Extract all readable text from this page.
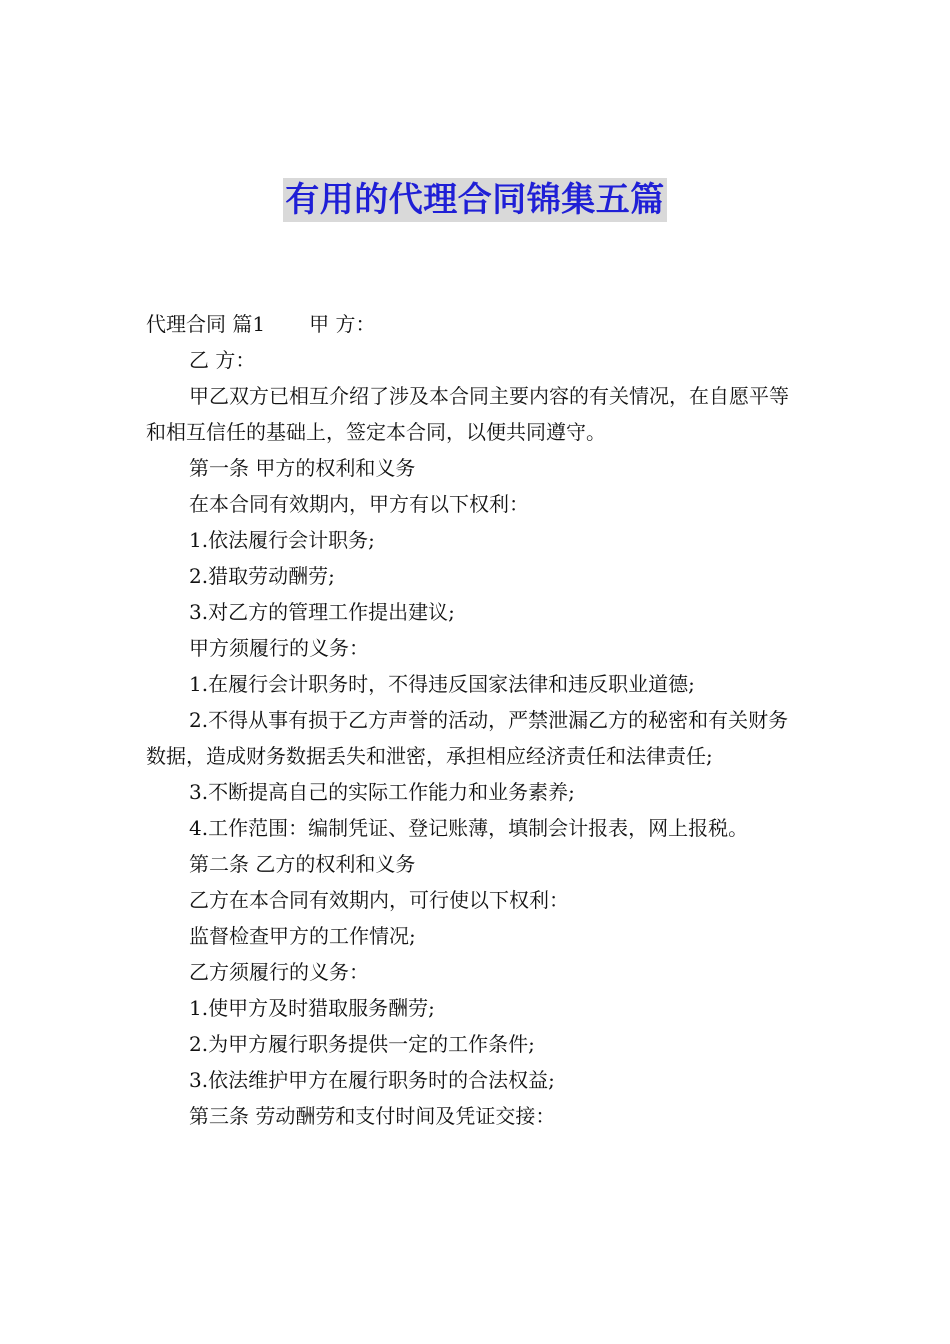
有用的代理合同锦集五篇

代理合同 篇1 甲 方：

乙 方：

甲乙双方已相互介绍了涉及本合同主要内容的有关情况，在自愿平等和相互信任的基础上，签定本合同，以便共同遵守。

第一条 甲方的权利和义务

在本合同有效期内，甲方有以下权利：

1.依法履行会计职务;

2.猎取劳动酬劳;

3.对乙方的管理工作提出建议;

甲方须履行的义务：

1.在履行会计职务时，不得违反国家法律和违反职业道德;

2.不得从事有损于乙方声誉的活动，严禁泄漏乙方的秘密和有关财务数据，造成财务数据丢失和泄密，承担相应经济责任和法律责任;

3.不断提高自己的实际工作能力和业务素养;

4.工作范围：编制凭证、登记账薄，填制会计报表，网上报税。

第二条 乙方的权利和义务

乙方在本合同有效期内，可行使以下权利：

监督检查甲方的工作情况;

乙方须履行的义务：

1.使甲方及时猎取服务酬劳;

2.为甲方履行职务提供一定的工作条件;

3.依法维护甲方在履行职务时的合法权益;

第三条 劳动酬劳和支付时间及凭证交接：
